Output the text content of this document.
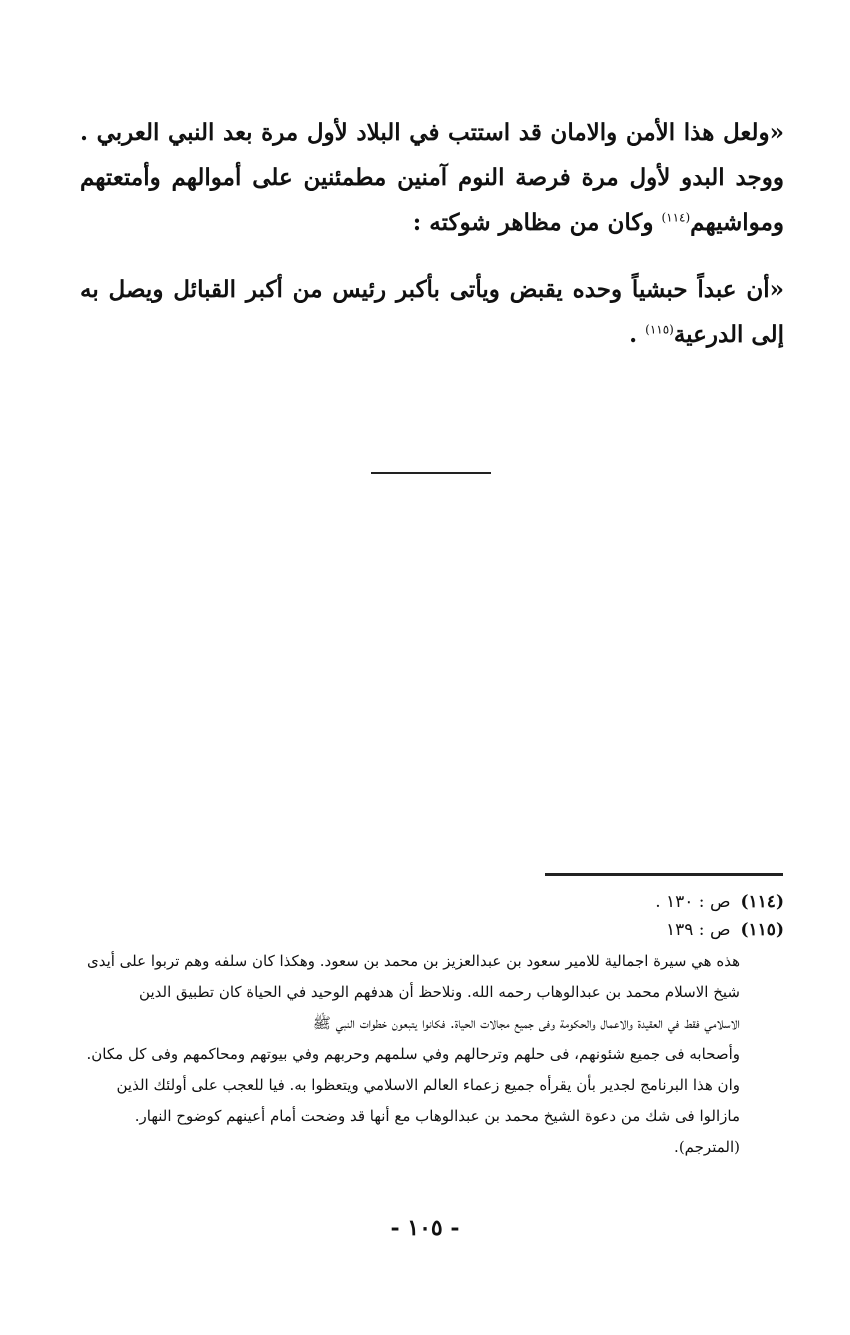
«ولعل هذا الأمن والامان قد استتب في البلاد لأول مرة بعد النبي العربي . ووجد البدو لأول مرة فرصة النوم آمنين مطمئنين على أموالهم وأمتعتهم ومواشيهم$^{(١١٤)}$ وكان من مظاهر شوكته :

«أن عبداً حبشياً وحده يقبض ويأتى بأكبر رئيس من أكبر القبائل ويصل به إلى الدرعية$^{(١١٥)}$ .

(١١٤)
ص : ١٣٠ .
(١١٥)
ص : ١٣٩
هذه هي سيرة اجمالية للامير سعود بن عبدالعزيز بن محمد بن سعود. وهكذا كان سلفه وهم تربوا على أيدى
شيخ الاسلام محمد بن عبدالوهاب رحمه الله. ونلاحظ أن هدفهم الوحيد في الحياة كان تطبيق الدين
الاسلامي فقط في العقيدة والاعمال والحكومة وفى جميع مجالات الحياة. فكانوا يتبعون خطوات النبي ﷺ
وأصحابه فى جميع شئونهم، فى حلهم وترحالهم وفي سلمهم وحربهم وفي بيوتهم ومحاكمهم وفى كل مكان.
وان هذا البرنامج لجدير بأن يقرأه جميع زعماء العالم الاسلامي ويتعظوا به. فيا للعجب على أولئك الذين
مازالوا فى شك من دعوة الشيخ محمد بن عبدالوهاب مع أنها قد وضحت أمام أعينهم كوضوح النهار.
(المترجم).
- ١٠٥ -
